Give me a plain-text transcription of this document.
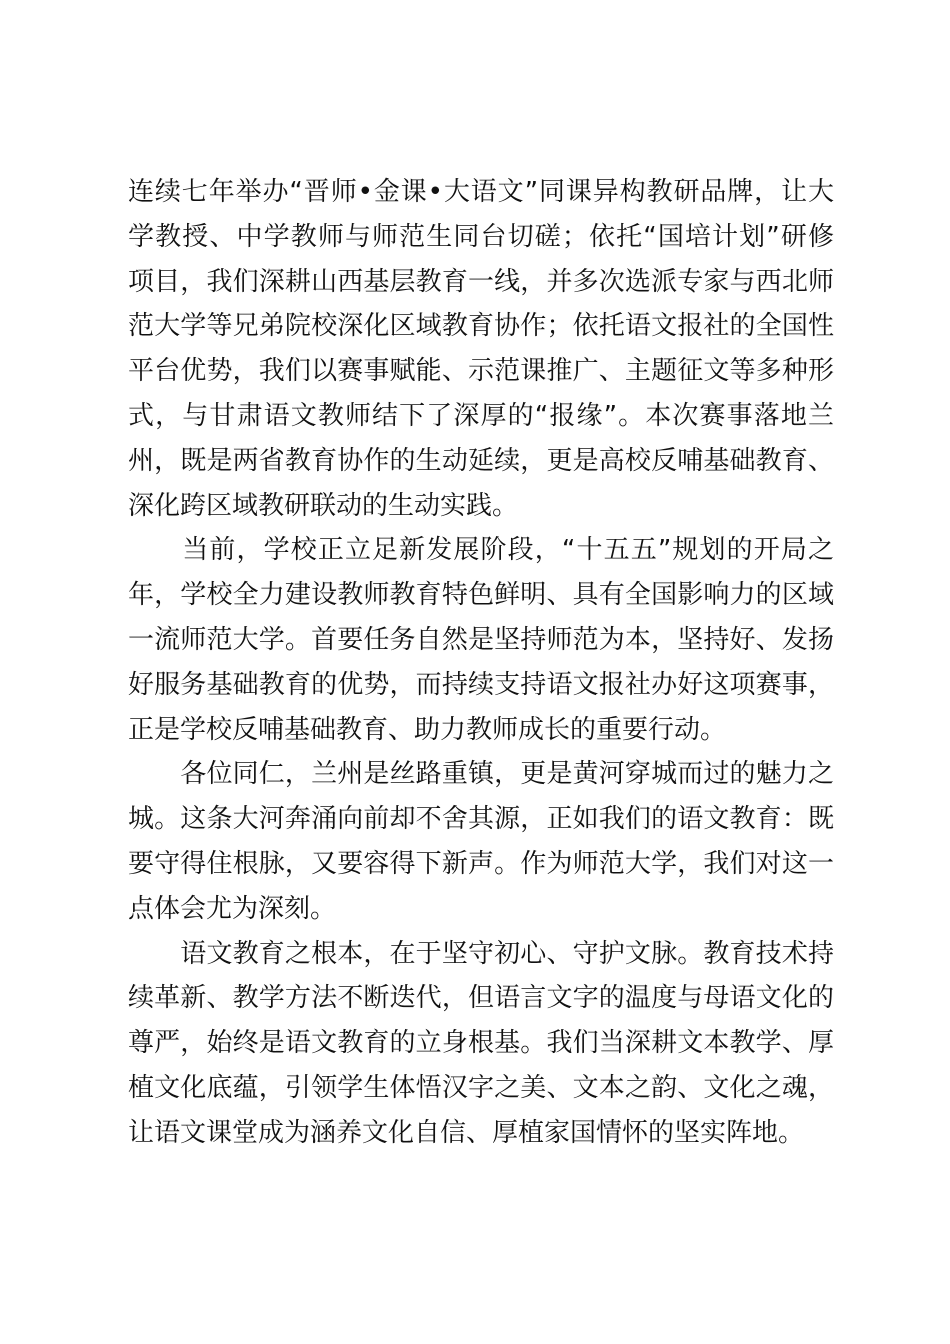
连续七年举办“晋师•金课•大语文”同课异构教研品牌，让大
学教授、中学教师与师范生同台切磋；依托“国培计划”研修
项目，我们深耕山西基层教育一线，并多次选派专家与西北师
范大学等兄弟院校深化区域教育协作；依托语文报社的全国性
平台优势，我们以赛事赋能、示范课推广、主题征文等多种形
式，与甘肃语文教师结下了深厚的“报缘”。本次赛事落地兰
州，既是两省教育协作的生动延续，更是高校反哺基础教育、
深化跨区域教研联动的生动实践。
　　当前，学校正立足新发展阶段，“十五五”规划的开局之
年，学校全力建设教师教育特色鲜明、具有全国影响力的区域
一流师范大学。首要任务自然是坚持师范为本，坚持好、发扬
好服务基础教育的优势，而持续支持语文报社办好这项赛事，
正是学校反哺基础教育、助力教师成长的重要行动。
　　各位同仁，兰州是丝路重镇，更是黄河穿城而过的魅力之
城。这条大河奔涌向前却不舍其源，正如我们的语文教育：既
要守得住根脉，又要容得下新声。作为师范大学，我们对这一
点体会尤为深刻。
　　语文教育之根本，在于坚守初心、守护文脉。教育技术持
续革新、教学方法不断迭代，但语言文字的温度与母语文化的
尊严，始终是语文教育的立身根基。我们当深耕文本教学、厚
植文化底蕴，引领学生体悟汉字之美、文本之韵、文化之魂，
让语文课堂成为涵养文化自信、厚植家国情怀的坚实阵地。
